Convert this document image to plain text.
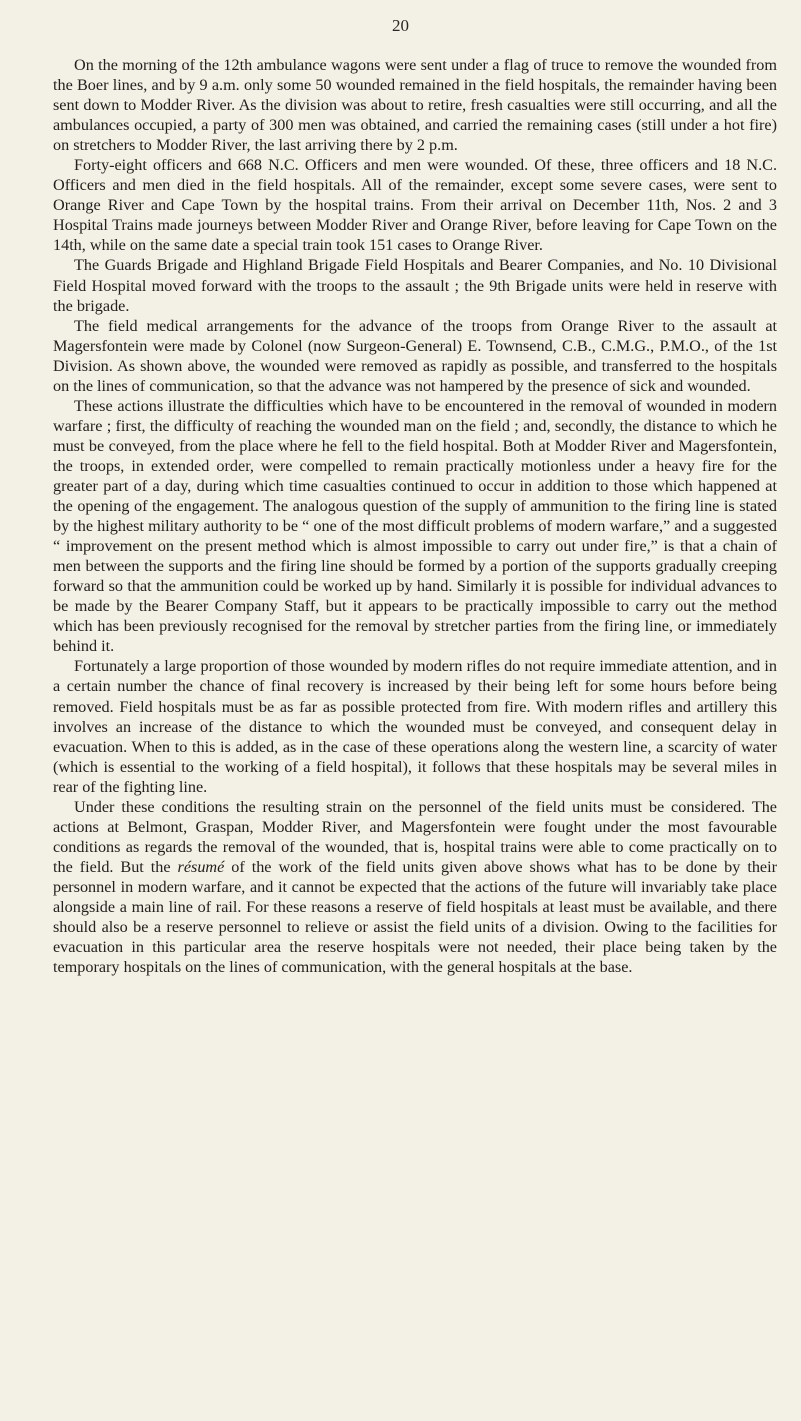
20

On the morning of the 12th ambulance wagons were sent under a flag of truce to remove the wounded from the Boer lines, and by 9 a.m. only some 50 wounded remained in the field hospitals, the remainder having been sent down to Modder River. As the division was about to retire, fresh casualties were still occurring, and all the ambulances occupied, a party of 300 men was obtained, and carried the remaining cases (still under a hot fire) on stretchers to Modder River, the last arriving there by 2 p.m.

Forty-eight officers and 668 N.C. Officers and men were wounded. Of these, three officers and 18 N.C. Officers and men died in the field hospitals. All of the remainder, except some severe cases, were sent to Orange River and Cape Town by the hospital trains. From their arrival on December 11th, Nos. 2 and 3 Hospital Trains made journeys between Modder River and Orange River, before leaving for Cape Town on the 14th, while on the same date a special train took 151 cases to Orange River.

The Guards Brigade and Highland Brigade Field Hospitals and Bearer Companies, and No. 10 Divisional Field Hospital moved forward with the troops to the assault ; the 9th Brigade units were held in reserve with the brigade.

The field medical arrangements for the advance of the troops from Orange River to the assault at Magersfontein were made by Colonel (now Surgeon-General) E. Townsend, C.B., C.M.G., P.M.O., of the 1st Division. As shown above, the wounded were removed as rapidly as possible, and transferred to the hospitals on the lines of communication, so that the advance was not hampered by the presence of sick and wounded.

These actions illustrate the difficulties which have to be encountered in the removal of wounded in modern warfare ; first, the difficulty of reaching the wounded man on the field ; and, secondly, the distance to which he must be conveyed, from the place where he fell to the field hospital. Both at Modder River and Magersfontein, the troops, in extended order, were compelled to remain practically motionless under a heavy fire for the greater part of a day, during which time casualties continued to occur in addition to those which happened at the opening of the engagement. The analogous question of the supply of ammunition to the firing line is stated by the highest military authority to be “ one of the most difficult problems of modern warfare,” and a suggested “ improvement on the present method which is almost impossible to carry out under fire,” is that a chain of men between the supports and the firing line should be formed by a portion of the supports gradually creeping forward so that the ammunition could be worked up by hand. Similarly it is possible for individual advances to be made by the Bearer Company Staff, but it appears to be practically impossible to carry out the method which has been previously recognised for the removal by stretcher parties from the firing line, or immediately behind it.

Fortunately a large proportion of those wounded by modern rifles do not require immediate attention, and in a certain number the chance of final recovery is increased by their being left for some hours before being removed. Field hospitals must be as far as possible protected from fire. With modern rifles and artillery this involves an increase of the distance to which the wounded must be conveyed, and consequent delay in evacuation. When to this is added, as in the case of these operations along the western line, a scarcity of water (which is essential to the working of a field hospital), it follows that these hospitals may be several miles in rear of the fighting line.

Under these conditions the resulting strain on the personnel of the field units must be considered. The actions at Belmont, Graspan, Modder River, and Magersfontein were fought under the most favourable conditions as regards the removal of the wounded, that is, hospital trains were able to come practically on to the field. But the résumé of the work of the field units given above shows what has to be done by their personnel in modern warfare, and it cannot be expected that the actions of the future will invariably take place alongside a main line of rail. For these reasons a reserve of field hospitals at least must be available, and there should also be a reserve personnel to relieve or assist the field units of a division. Owing to the facilities for evacuation in this particular area the reserve hospitals were not needed, their place being taken by the temporary hospitals on the lines of communication, with the general hospitals at the base.
